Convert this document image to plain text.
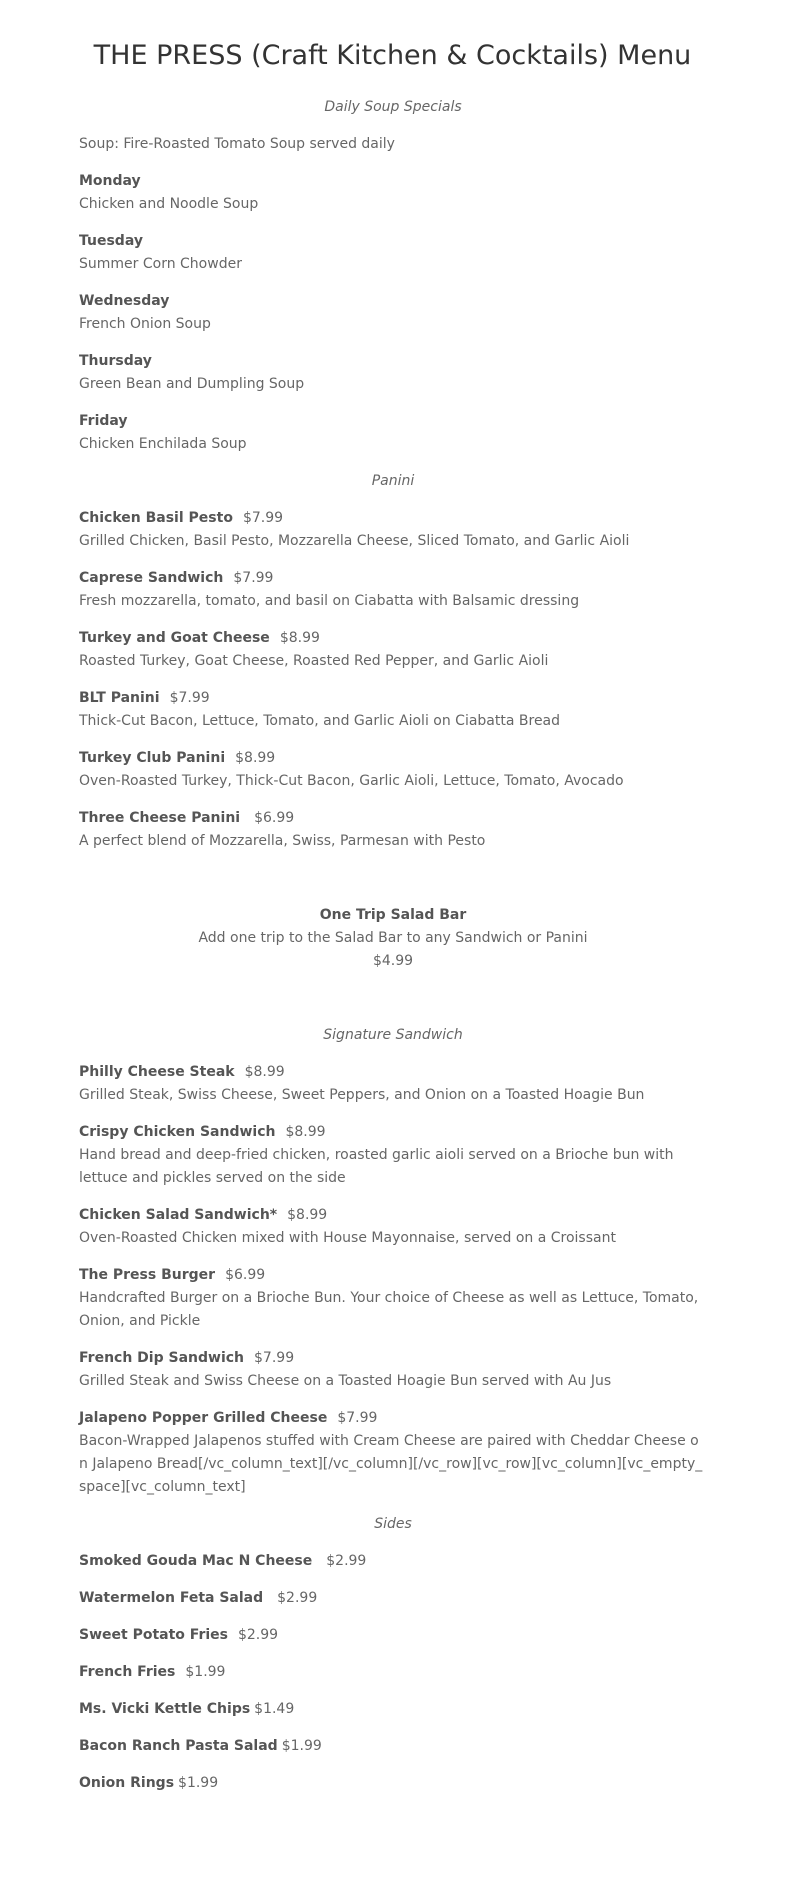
THE PRESS (Craft Kitchen & Cocktails) Menu
Daily Soup Specials
Soup: Fire-Roasted Tomato Soup served daily
Monday
Chicken and Noodle Soup
Tuesday
Summer Corn Chowder
Wednesday
French Onion Soup
Thursday
Green Bean and Dumpling Soup
Friday
Chicken Enchilada Soup
Panini
Chicken Basil Pesto $7.99
Grilled Chicken, Basil Pesto, Mozzarella Cheese, Sliced Tomato, and Garlic Aioli
Caprese Sandwich $7.99
Fresh mozzarella, tomato, and basil on Ciabatta with Balsamic dressing
Turkey and Goat Cheese $8.99
Roasted Turkey, Goat Cheese, Roasted Red Pepper, and Garlic Aioli
BLT Panini $7.99
Thick-Cut Bacon, Lettuce, Tomato, and Garlic Aioli on Ciabatta Bread
Turkey Club Panini $8.99
Oven-Roasted Turkey, Thick-Cut Bacon, Garlic Aioli, Lettuce, Tomato, Avocado
Three Cheese Panini $6.99
A perfect blend of Mozzarella, Swiss, Parmesan with Pesto
One Trip Salad Bar
Add one trip to the Salad Bar to any Sandwich or Panini
$4.99
Signature Sandwich
Philly Cheese Steak $8.99
Grilled Steak, Swiss Cheese, Sweet Peppers, and Onion on a Toasted Hoagie Bun
Crispy Chicken Sandwich $8.99
Hand bread and deep-fried chicken, roasted garlic aioli served on a Brioche bun with lettuce and pickles served on the side
Chicken Salad Sandwich* $8.99
Oven-Roasted Chicken mixed with House Mayonnaise, served on a Croissant
The Press Burger $6.99
Handcrafted Burger on a Brioche Bun. Your choice of Cheese as well as Lettuce, Tomato, Onion, and Pickle
French Dip Sandwich $7.99
Grilled Steak and Swiss Cheese on a Toasted Hoagie Bun served with Au Jus
Jalapeno Popper Grilled Cheese $7.99
Bacon-Wrapped Jalapenos stuffed with Cream Cheese are paired with Cheddar Cheese on Jalapeno Bread[/vc_column_text][/vc_column][/vc_row][vc_row][vc_column][vc_empty_space][vc_column_text]
Sides
Smoked Gouda Mac N Cheese $2.99
Watermelon Feta Salad $2.99
Sweet Potato Fries $2.99
French Fries $1.99
Ms. Vicki Kettle Chips $1.49
Bacon Ranch Pasta Salad $1.99
Onion Rings $1.99
